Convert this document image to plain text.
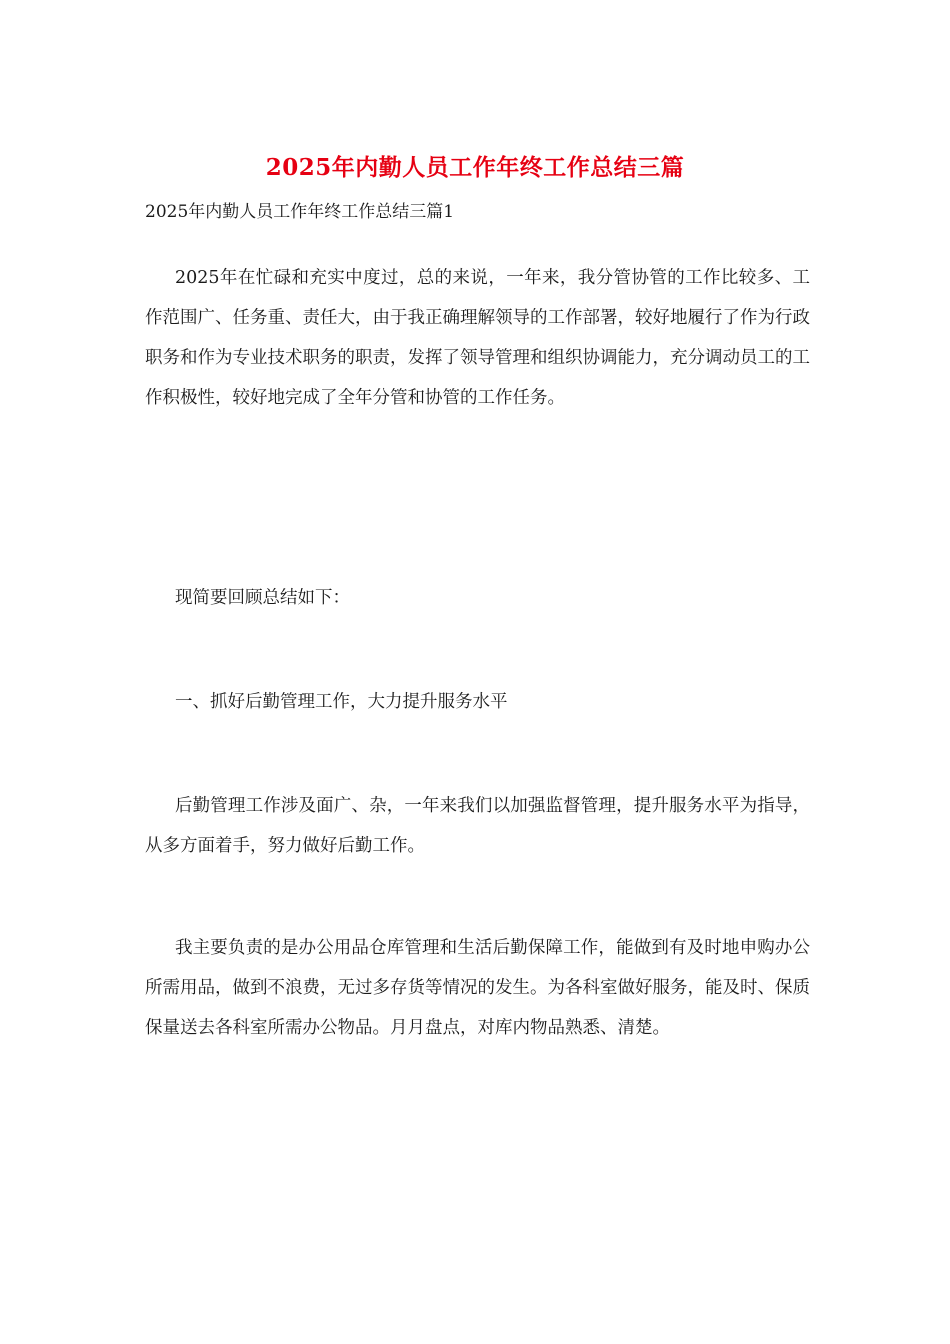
2025年内勤人员工作年终工作总结三篇

2025年内勤人员工作年终工作总结三篇1

2025年在忙碌和充实中度过，总的来说，一年来，我分管协管的工作比较多、工作范围广、任务重、责任大，由于我正确理解领导的工作部署，较好地履行了作为行政职务和作为专业技术职务的职责，发挥了领导管理和组织协调能力，充分调动员工的工作积极性，较好地完成了全年分管和协管的工作任务。

现简要回顾总结如下：

一、抓好后勤管理工作，大力提升服务水平

后勤管理工作涉及面广、杂，一年来我们以加强监督管理，提升服务水平为指导，从多方面着手，努力做好后勤工作。

我主要负责的是办公用品仓库管理和生活后勤保障工作，能做到有及时地申购办公所需用品，做到不浪费，无过多存货等情况的发生。为各科室做好服务，能及时、保质保量送去各科室所需办公物品。月月盘点，对库内物品熟悉、清楚。
